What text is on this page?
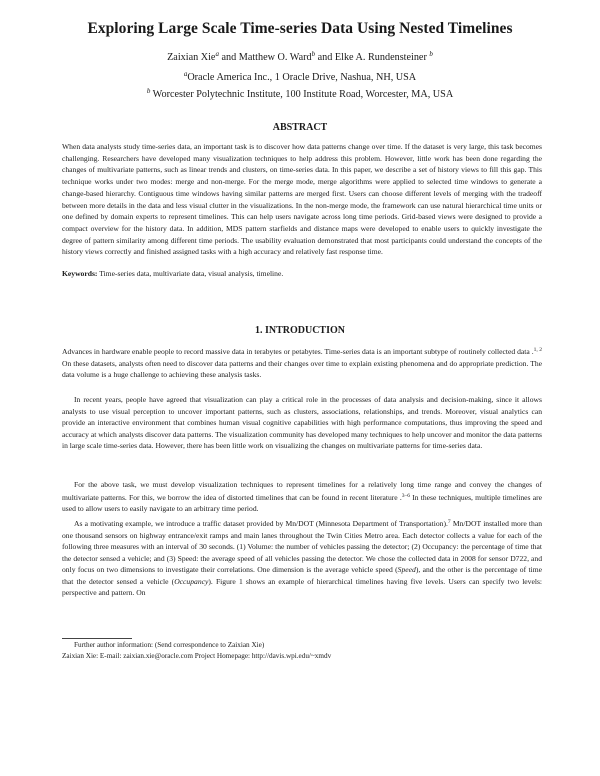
Exploring Large Scale Time-series Data Using Nested Timelines
Zaixian Xie$^a$ and Matthew O. Ward$^b$ and Elke A. Rundensteiner $^b$
$^a$Oracle America Inc., 1 Oracle Drive, Nashua, NH, USA
$^b$ Worcester Polytechnic Institute, 100 Institute Road, Worcester, MA, USA
ABSTRACT
When data analysts study time-series data, an important task is to discover how data patterns change over time. If the dataset is very large, this task becomes challenging. Researchers have developed many visualization techniques to help address this problem. However, little work has been done regarding the changes of multivariate patterns, such as linear trends and clusters, on time-series data. In this paper, we describe a set of history views to fill this gap. This technique works under two modes: merge and non-merge. For the merge mode, merge algorithms were applied to selected time windows to generate a change-based hierarchy. Contiguous time windows having similar patterns are merged first. Users can choose different levels of merging with the tradeoff between more details in the data and less visual clutter in the visualizations. In the non-merge mode, the framework can use natural hierarchical time units or one defined by domain experts to represent timelines. This can help users navigate across long time periods. Grid-based views were designed to provide a compact overview for the history data. In addition, MDS pattern starfields and distance maps were developed to enable users to quickly investigate the degree of pattern similarity among different time periods. The usability evaluation demonstrated that most participants could understand the concepts of the history views correctly and finished assigned tasks with a high accuracy and relatively fast response time.
Keywords: Time-series data, multivariate data, visual analysis, timeline.
1. INTRODUCTION
Advances in hardware enable people to record massive data in terabytes or petabytes. Time-series data is an important subtype of routinely collected data .$^{1, 2}$ On these datasets, analysts often need to discover data patterns and their changes over time to explain existing phenomena and do appropriate prediction. The data volume is a huge challenge to achieving these analysis tasks.
In recent years, people have agreed that visualization can play a critical role in the processes of data analysis and decision-making, since it allows analysts to use visual perception to uncover important patterns, such as clusters, associations, relationships, and trends. Moreover, visual analytics can provide an interactive environment that combines human visual cognitive capabilities with high performance computations, thus improving the speed and accuracy at which analysts discover data patterns. The visualization community has developed many techniques to help uncover and monitor the data patterns in large scale time-series data. However, there has been little work on visualizing the changes on multivariate patterns for time-series data.
For the above task, we must develop visualization techniques to represent timelines for a relatively long time range and convey the changes of multivariate patterns. For this, we borrow the idea of distorted timelines that can be found in recent literature .$^{3-6}$ In these techniques, multiple timelines are used to allow users to easily navigate to an arbitrary time period.
As a motivating example, we introduce a traffic dataset provided by Mn/DOT (Minnesota Department of Transportation).$^7$ Mn/DOT installed more than one thousand sensors on highway entrance/exit ramps and main lanes throughout the Twin Cities Metro area. Each detector collects a value for each of the following three measures with an interval of 30 seconds. (1) Volume: the number of vehicles passing the detector; (2) Occupancy: the percentage of time that the detector sensed a vehicle; and (3) Speed: the average speed of all vehicles passing the detector. We chose the collected data in 2008 for sensor D722, and only focus on two dimensions to investigate their correlations. One dimension is the average vehicle speed (Speed), and the other is the percentage of time that the detector sensed a vehicle (Occupancy). Figure 1 shows an example of hierarchical timelines having five levels. Users can specify two levels: perspective and pattern. On
Further author information: (Send correspondence to Zaixian Xie)
Zaixian Xie: E-mail: zaixian.xie@oracle.com Project Homepage: http://davis.wpi.edu/~xmdv
